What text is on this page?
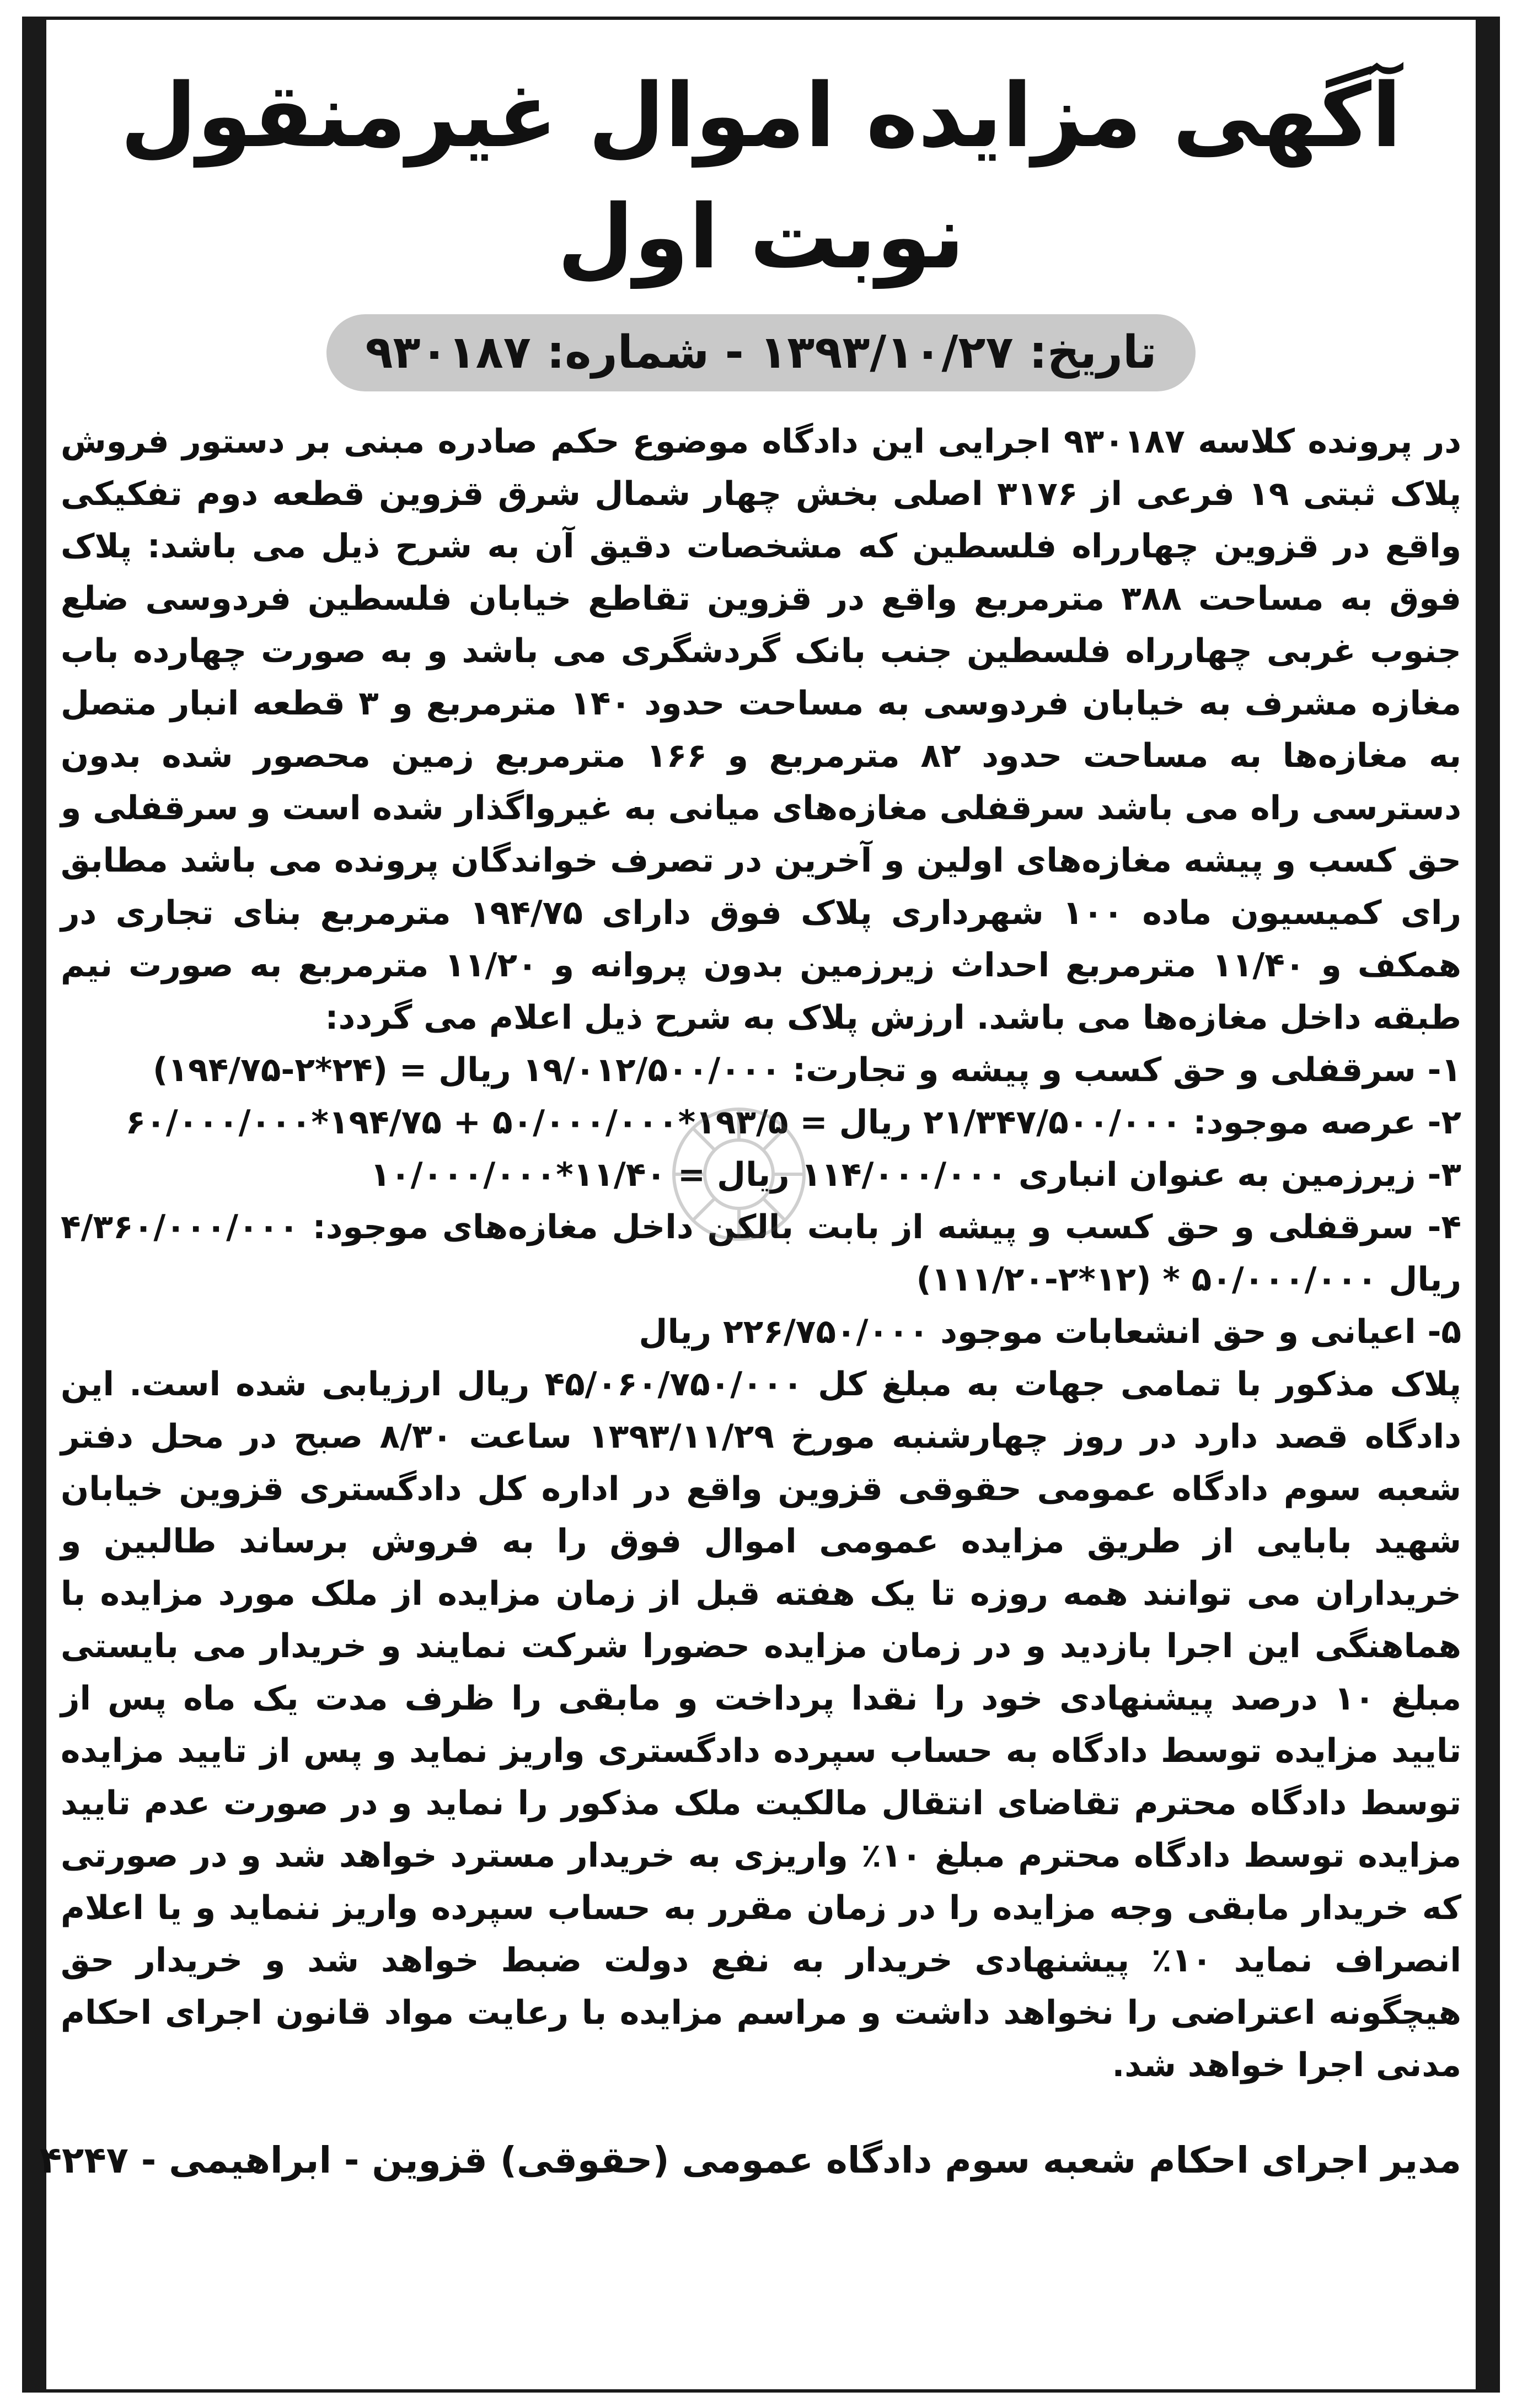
آگهی مزایده اموال غیرمنقول نوبت اول
تاریخ: ۱۳۹۳/۱۰/۲۷ - شماره: ۹۳۰۱۸۷

در پرونده کلاسه ۹۳۰۱۸۷ اجرایی این دادگاه موضوع حکم صادره مبنی بر دستور فروش پلاک ثبتی ۱۹ فرعی از ۳۱۷۶ اصلی بخش چهار شمال شرق قزوین قطعه دوم تفکیکی واقع در قزوین چهارراه فلسطین که مشخصات دقیق آن به شرح ذیل می باشد: پلاک فوق به مساحت ۳۸۸ مترمربع واقع در قزوین تقاطع خیابان فلسطین فردوسی ضلع جنوب غربی چهارراه فلسطین جنب بانک گردشگری می باشد و به صورت چهارده باب مغازه مشرف به خیابان فردوسی به مساحت حدود ۱۴۰ مترمربع و ۳ قطعه انبار متصل به مغازه‌ها به مساحت حدود ۸۲ مترمربع و ۱۶۶ مترمربع زمین محصور شده بدون دسترسی راه می باشد سرقفلی مغازه‌های میانی به غیرواگذار شده است و سرقفلی و حق کسب و پیشه مغازه‌های اولین و آخرین در تصرف خواندگان پرونده می باشد مطابق رای کمیسیون ماده ۱۰۰ شهرداری پلاک فوق دارای ۱۹۴/۷۵ مترمربع بنای تجاری در همکف و ۱۱/۴۰ مترمربع احداث زیرزمین بدون پروانه و ۱۱/۲۰ مترمربع به صورت نیم طبقه داخل مغازه‌ها می باشد. ارزش پلاک به شرح ذیل اعلام می گردد:

۱- سرقفلی و حق کسب و پیشه و تجارت: ۱۹/۰۱۲/۵۰۰/۰۰۰ ریال = (۲۴*۲-۱۹۴/۷۵)

۲- عرصه موجود: ۲۱/۳۴۷/۵۰۰/۰۰۰ ریال = ۱۹۳/۵*۵۰/۰۰۰/۰۰۰ + ۱۹۴/۷۵*۶۰/۰۰۰/۰۰۰

۳- زیرزمین به عنوان انباری ۱۱۴/۰۰۰/۰۰۰ ریال = ۱۱/۴۰*۱۰/۰۰۰/۰۰۰

۴- سرقفلی و حق کسب و پیشه از بابت بالکن داخل مغازه‌های موجود: ۴/۳۶۰/۰۰۰/۰۰۰ ریال ۵۰/۰۰۰/۰۰۰ * (۱۲*۲-۱۱۱/۲۰)

۵- اعیانی و حق انشعابات موجود ۲۲۶/۷۵۰/۰۰۰ ریال

پلاک مذکور با تمامی جهات به مبلغ کل ۴۵/۰۶۰/۷۵۰/۰۰۰ ریال ارزیابی شده است. این دادگاه قصد دارد در روز چهارشنبه مورخ ۱۳۹۳/۱۱/۲۹ ساعت ۸/۳۰ صبح در محل دفتر شعبه سوم دادگاه عمومی حقوقی قزوین واقع در اداره کل دادگستری قزوین خیابان شهید بابایی از طریق مزایده عمومی اموال فوق را به فروش برساند طالبین و خریداران می توانند همه روزه تا یک هفته قبل از زمان مزایده از ملک مورد مزایده با هماهنگی این اجرا بازدید و در زمان مزایده حضورا شرکت نمایند و خریدار می بایستی مبلغ ۱۰ درصد پیشنهادی خود را نقدا پرداخت و مابقی را ظرف مدت یک ماه پس از تایید مزایده توسط دادگاه به حساب سپرده دادگستری واریز نماید و پس از تایید مزایده توسط دادگاه محترم تقاضای انتقال مالکیت ملک مذکور را نماید و در صورت عدم تایید مزایده توسط دادگاه محترم مبلغ ۱۰٪ واریزی به خریدار مسترد خواهد شد و در صورتی که خریدار مابقی وجه مزایده را در زمان مقرر به حساب سپرده واریز ننماید و یا اعلام انصراف نماید ۱۰٪ پیشنهادی خریدار به نفع دولت ضبط خواهد شد و خریدار حق هیچگونه اعتراضی را نخواهد داشت و مراسم مزایده با رعایت مواد قانون اجرای احکام مدنی اجرا خواهد شد.

مدیر اجرای احکام شعبه سوم دادگاه عمومی (حقوقی) قزوین - ابراهیمی - ۴۲۴۷
